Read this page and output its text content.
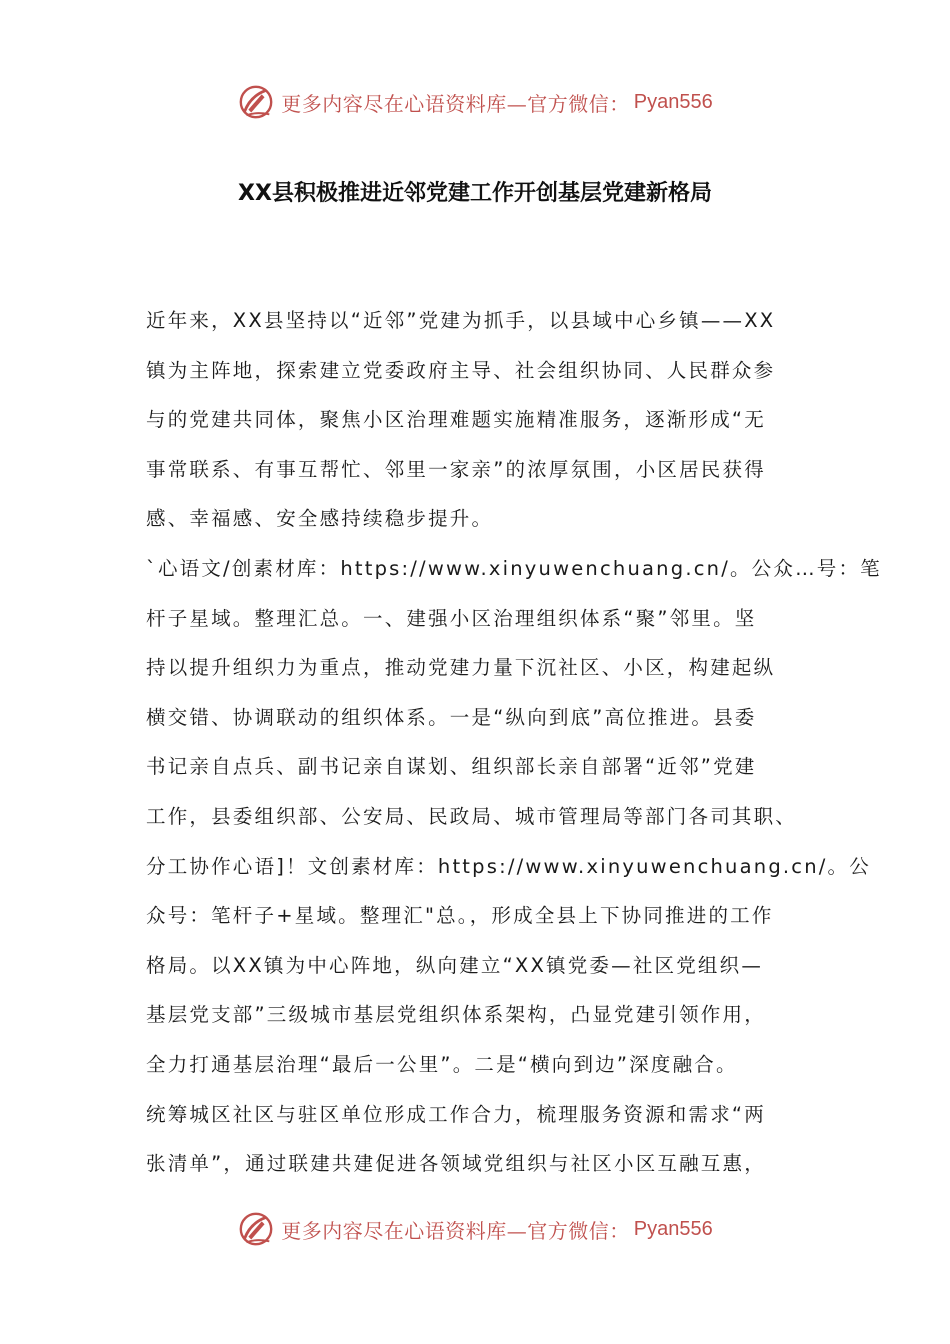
更多内容尽在心语资料库—官方微信： Pyan556
XX县积极推进近邻党建工作开创基层党建新格局
近年来，XX县坚持以“近邻”党建为抓手，以县域中心乡镇——XX
镇为主阵地，探索建立党委政府主导、社会组织协同、人民群众参
与的党建共同体，聚焦小区治理难题实施精准服务，逐渐形成“无
事常联系、有事互帮忙、邻里一家亲”的浓厚氛围，小区居民获得
感、幸福感、安全感持续稳步提升。
`心语文/创素材库：https://www.xinyuwenchuang.cn/。公众…号：笔
杆子星域。整理汇总。一、建强小区治理组织体系“聚”邻里。坚
持以提升组织力为重点，推动党建力量下沉社区、小区，构建起纵
横交错、协调联动的组织体系。一是“纵向到底”高位推进。县委
书记亲自点兵、副书记亲自谋划、组织部长亲自部署“近邻”党建
工作，县委组织部、公安局、民政局、城市管理局等部门各司其职、
分工协作心语]！文创素材库：https://www.xinyuwenchuang.cn/。公
众号：笔杆子+星域。整理汇"总。，形成全县上下协同推进的工作
格局。以XX镇为中心阵地，纵向建立“XX镇党委—社区党组织—
基层党支部”三级城市基层党组织体系架构，凸显党建引领作用，
全力打通基层治理“最后一公里”。二是“横向到边”深度融合。
统筹城区社区与驻区单位形成工作合力，梳理服务资源和需求“两
张清单”，通过联建共建促进各领域党组织与社区小区互融互惠，
更多内容尽在心语资料库—官方微信： Pyan556
